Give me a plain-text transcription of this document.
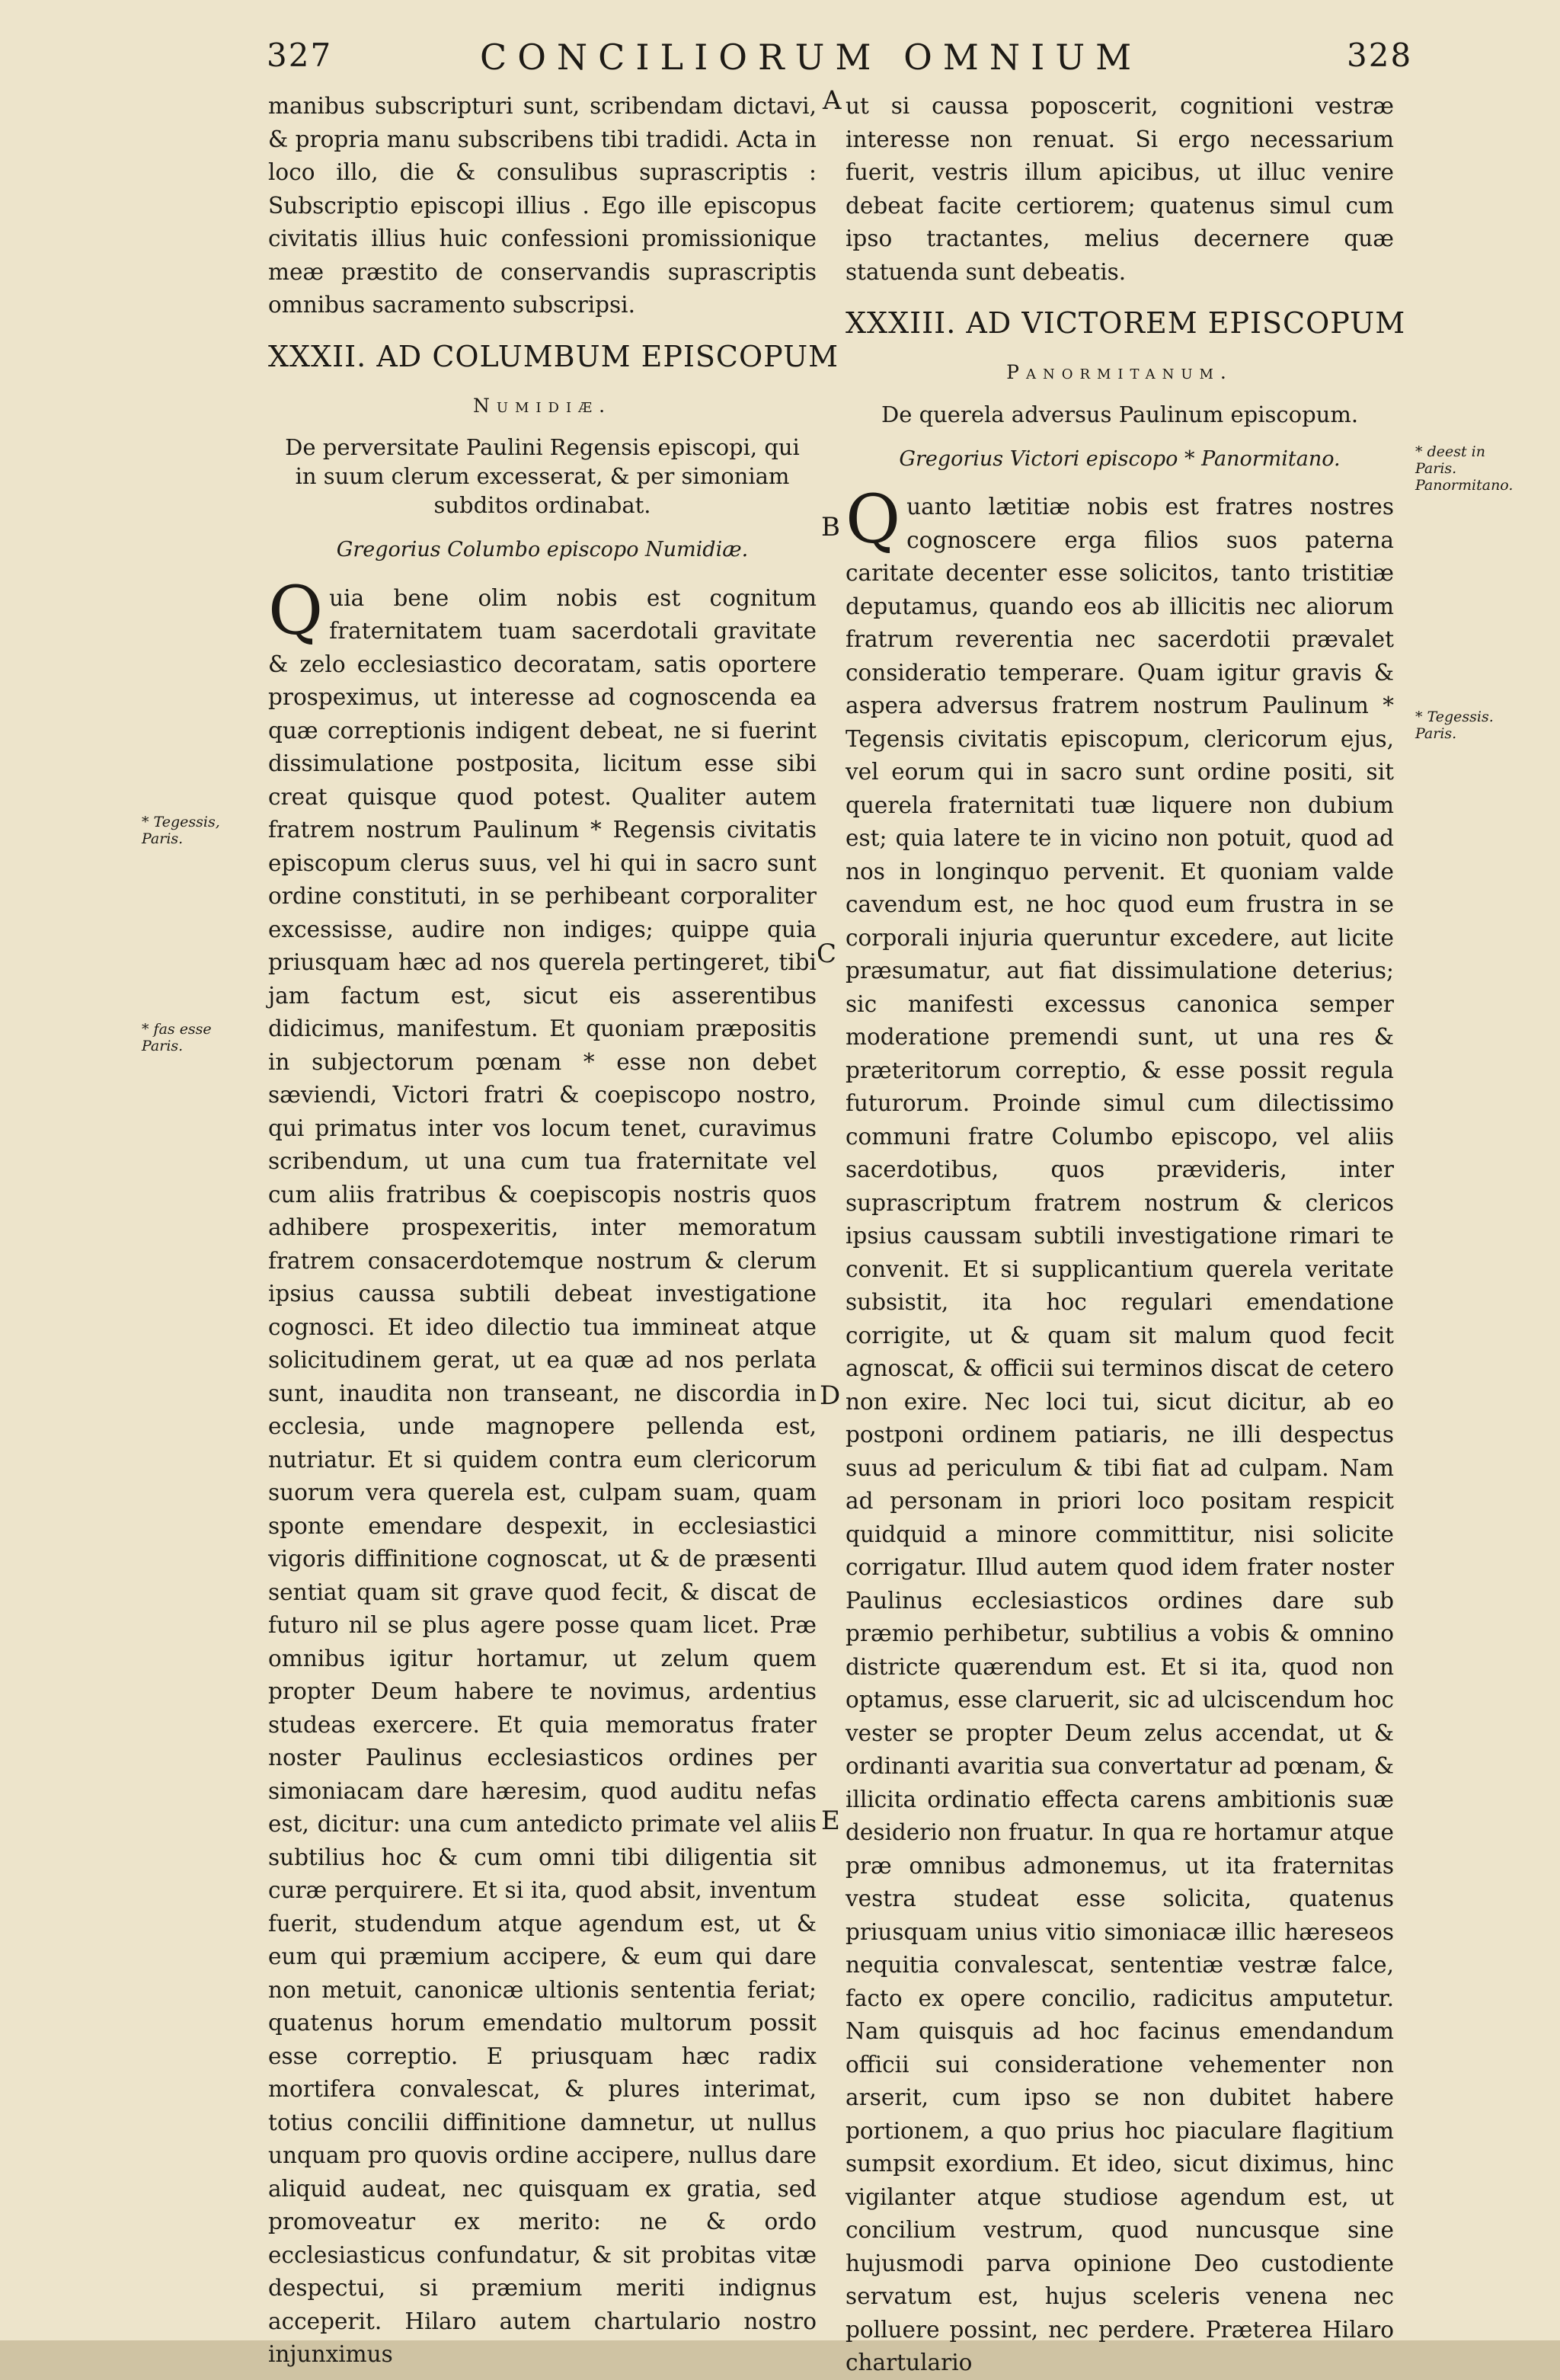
327	CONCILIORUM OMNIUM	328

manibus subscripturi sunt, scribendam dictavi, & propria manu subscribens tibi tradidi. Acta in loco illo, die & consulibus suprascriptis : Subscriptio episcopi illius . Ego ille episcopus civitatis illius huic confessioni promissionique meæ præstito de conservandis suprascriptis omnibus sacramento subscripsi.

XXXII. AD COLUMBUM EPISCOPUM
Numidiæ.
De perversitate Paulini Regensis episcopi, qui in suum clerum excesserat, & per simoniam subditos ordinabat.
Gregorius Columbo episcopo Numidiæ.

Quia bene olim nobis est cognitum fraternitatem tuam sacerdotali gravitate & zelo ecclesiastico decoratam, satis oportere prospeximus, ut interesse ad cognoscenda ea quæ correptionis indigent debeat, ne si fuerint dissimulatione postposita, licitum esse sibi creat quisque quod potest. Qualiter autem fratrem nostrum Paulinum * Regensis civitatis episcopum clerus suus, vel hi qui in sacro sunt ordine constituti, in se perhibeant corporaliter excessisse, audire non indiges; quippe quia priusquam hæc ad nos querela pertingeret, tibi jam factum est, sicut eis asserentibus didicimus, manifestum. Et quoniam præpositis in subjectorum pœnam * esse non debet sæviendi, Victori fratri & coepiscopo nostro, qui primatus inter vos locum tenet, curavimus scribendum, ut una cum tua fraternitate vel cum aliis fratribus & coepiscopis nostris quos adhibere prospexeritis, inter memoratum fratrem consacerdotemque nostrum & clerum ipsius caussa subtili debeat investigatione cognosci. Et ideo dilectio tua immineat atque solicitudinem gerat, ut ea quæ ad nos perlata sunt, inaudita non transeant, ne discordia in ecclesia, unde magnopere pellenda est, nutriatur. Et si quidem contra eum clericorum suorum vera querela est, culpam suam, quam sponte emendare despexit, in ecclesiastici vigoris diffinitione cognoscat, ut & de præsenti sentiat quam sit grave quod fecit, & discat de futuro nil se plus agere posse quam licet. Præ omnibus igitur hortamur, ut zelum quem propter Deum habere te novimus, ardentius studeas exercere. Et quia memoratus frater noster Paulinus ecclesiasticos ordines per simoniacam dare hæresim, quod auditu nefas est, dicitur: una cum antedicto primate vel aliis subtilius hoc & cum omni tibi diligentia sit curæ perquirere. Et si ita, quod absit, inventum fuerit, studendum atque agendum est, ut & eum qui præmium accipere, & eum qui dare non metuit, canonicæ ultionis sententia feriat; quatenus horum emendatio multorum possit esse correptio. E priusquam hæc radix mortifera convalescat, & plures interimat, totius concilii diffinitione damnetur, ut nullus unquam pro quovis ordine accipere, nullus dare aliquid audeat, nec quisquam ex gratia, sed promoveatur ex merito: ne & ordo ecclesiasticus confundatur, & sit probitas vitæ despectui, si præmium meriti indignus acceperit. Hilaro autem chartulario nostro injunximus

ut si caussa poposcerit, cognitioni vestræ interesse non renuat. Si ergo necessarium fuerit, vestris illum apicibus, ut illuc venire debeat facite certiorem; quatenus simul cum ipso tractantes, melius decernere quæ statuenda sunt debeatis.

XXXIII. AD VICTOREM EPISCOPUM
Panormitanum.
De querela adversus Paulinum episcopum.
Gregorius Victori episcopo * Panormitano.

Quanto lætitiæ nobis est fratres nostres cognoscere erga filios suos paterna caritate decenter esse solicitos, tanto tristitiæ deputamus, quando eos ab illicitis nec aliorum fratrum reverentia nec sacerdotii prævalet consideratio temperare. Quam igitur gravis & aspera adversus fratrem nostrum Paulinum * Tegensis civitatis episcopum, clericorum ejus, vel eorum qui in sacro sunt ordine positi, sit querela fraternitati tuæ liquere non dubium est; quia latere te in vicino non potuit, quod ad nos in longinquo pervenit. Et quoniam valde cavendum est, ne hoc quod eum frustra in se corporali injuria queruntur excedere, aut licite præsumatur, aut fiat dissimulatione deterius; sic manifesti excessus canonica semper moderatione premendi sunt, ut una res & præteritorum correptio, & esse possit regula futurorum. Proinde simul cum dilectissimo communi fratre Columbo episcopo, vel aliis sacerdotibus, quos prævideris, inter suprascriptum fratrem nostrum & clericos ipsius caussam subtili investigatione rimari te convenit. Et si supplicantium querela veritate subsistit, ita hoc regulari emendatione corrigite, ut & quam sit malum quod fecit agnoscat, & officii sui terminos discat de cetero non exire. Nec loci tui, sicut dicitur, ab eo postponi ordinem patiaris, ne illi despectus suus ad periculum & tibi fiat ad culpam. Nam ad personam in priori loco positam respicit quidquid a minore committitur, nisi solicite corrigatur. Illud autem quod idem frater noster Paulinus ecclesiasticos ordines dare sub præmio perhibetur, subtilius a vobis & omnino districte quærendum est. Et si ita, quod non optamus, esse claruerit, sic ad ulciscendum hoc vester se propter Deum zelus accendat, ut & ordinanti avaritia sua convertatur ad pœnam, & illicita ordinatio effecta carens ambitionis suæ desiderio non fruatur. In qua re hortamur atque præ omnibus admonemus, ut ita fraternitas vestra studeat esse solicita, quatenus priusquam unius vitio simoniacæ illic hæreseos nequitia convalescat, sententiæ vestræ falce, facto ex opere concilio, radicitus amputetur. Nam quisquis ad hoc facinus emendandum officii sui consideratione vehementer non arserit, cum ipso se non dubitet habere portionem, a quo prius hoc piaculare flagitium sumpsit exordium. Et ideo, sicut diximus, hinc vigilanter atque studiose agendum est, ut concilium vestrum, quod nuncusque sine hujusmodi parva opinione Deo custodiente servatum est, hujus sceleris venena nec polluere possint, nec perdere. Præterea Hilaro chartulario

* Tegessis, Paris.
* fas esse Paris.
* deest in Paris. Panormitano.
* Tegessis. Paris.
A
B
C
D
E
